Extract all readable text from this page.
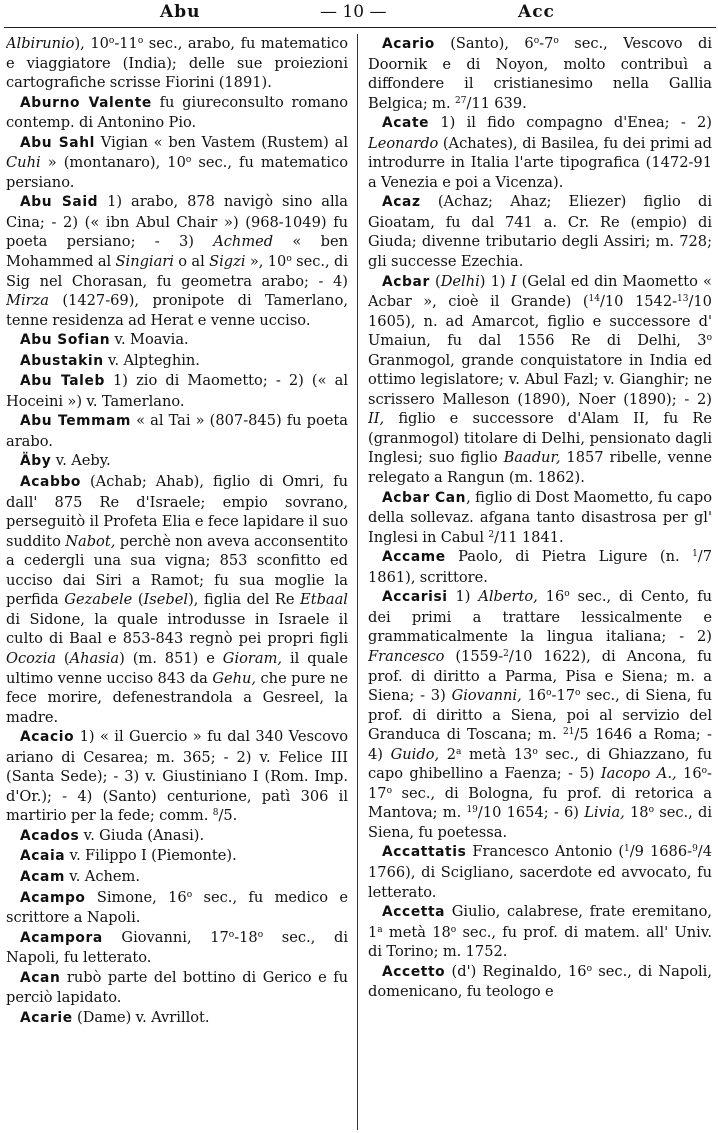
Abu	— 10 —	Acc

Albirunio), 10$^o$-11$^o$ sec., arabo, fu matematico e viaggiatore (India); delle sue proiezioni cartografiche scrisse Fiorini (1891).

Aburno Valente fu giureconsulto romano contemp. di Antonino Pio.

Abu Sahl Vigian « ben Vastem (Rustem) al Cuhi » (montanaro), 10$^o$ sec., fu matematico persiano.

Abu Said 1) arabo, 878 navigò sino alla Cina; - 2) (« ibn Abul Chair ») (968-1049) fu poeta persiano; - 3) Achmed « ben Mohammed al Singiari o al Sigzi », 10$^o$ sec., di Sig nel Chorasan, fu geometra arabo; - 4) Mirza (1427-69), pronipote di Tamerlano, tenne residenza ad Herat e venne ucciso.

Abu Sofian v. Moavia.

Abustakin v. Alpteghin.

Abu Taleb 1) zio di Maometto; - 2) (« al Hoceini ») v. Tamerlano.

Abu Temmam « al Tai » (807-845) fu poeta arabo.

Äby v. Aeby.

Acabbo (Achab; Ahab), figlio di Omri, fu dall' 875 Re d'Israele; empio sovrano, perseguitò il Profeta Elia e fece lapidare il suo suddito Nabot, perchè non aveva acconsentito a cedergli una sua vigna; 853 sconfitto ed ucciso dai Siri a Ramot; fu sua moglie la perfida Gezabele (Isebel), figlia del Re Etbaal di Sidone, la quale introdusse in Israele il culto di Baal e 853-843 regnò pei propri figli Ocozia (Ahasia) (m. 851) e Gioram, il quale ultimo venne ucciso 843 da Gehu, che pure ne fece morire, defenestrandola a Gesreel, la madre.

Acacio 1) « il Guercio » fu dal 340 Vescovo ariano di Cesarea; m. 365; - 2) v. Felice III (Santa Sede); - 3) v. Giustiniano I (Rom. Imp. d'Or.); - 4) (Santo) centurione, patì 306 il martirio per la fede; comm. $^8$/5.

Acados v. Giuda (Anasi).

Acaia v. Filippo I (Piemonte).

Acam v. Achem.

Acampo Simone, 16$^o$ sec., fu medico e scrittore a Napoli.

Acampora Giovanni, 17$^o$-18$^o$ sec., di Napoli, fu letterato.

Acan rubò parte del bottino di Gerico e fu perciò lapidato.

Acarie (Dame) v. Avrillot.

Acario (Santo), 6$^o$-7$^o$ sec., Vescovo di Doornik e di Noyon, molto contribuì a diffondere il cristianesimo nella Gallia Belgica; m. $^{27}$/11 639.

Acate 1) il fido compagno d'Enea; - 2) Leonardo (Achates), di Basilea, fu dei primi ad introdurre in Italia l'arte tipografica (1472-91 a Venezia e poi a Vicenza).

Acaz (Achaz; Ahaz; Eliezer) figlio di Gioatam, fu dal 741 a. Cr. Re (empio) di Giuda; divenne tributario degli Assiri; m. 728; gli successe Ezechia.

Acbar (Delhi) 1) I (Gelal ed din Maometto « Acbar », cioè il Grande) ($^{14}$/10 1542-$^{13}$/10 1605), n. ad Amarcot, figlio e successore d' Umaiun, fu dal 1556 Re di Delhi, 3$^o$ Granmogol, grande conquistatore in India ed ottimo legislatore; v. Abul Fazl; v. Gianghir; ne scrissero Malleson (1890), Noer (1890); - 2) II, figlio e successore d'Alam II, fu Re (granmogol) titolare di Delhi, pensionato dagli Inglesi; suo figlio Baadur, 1857 ribelle, venne relegato a Rangun (m. 1862).

Acbar Can, figlio di Dost Maometto, fu capo della sollevaz. afgana tanto disastrosa per gl' Inglesi in Cabul $^2$/11 1841.

Accame Paolo, di Pietra Ligure (n. $^1$/7 1861), scrittore.

Accarisi 1) Alberto, 16$^o$ sec., di Cento, fu dei primi a trattare lessicalmente e grammaticalmente la lingua italiana; - 2) Francesco (1559-$^2$/10 1622), di Ancona, fu prof. di diritto a Parma, Pisa e Siena; m. a Siena; - 3) Giovanni, 16$^o$-17$^o$ sec., di Siena, fu prof. di diritto a Siena, poi al servizio del Granduca di Toscana; m. $^{21}$/5 1646 a Roma; - 4) Guido, 2$^a$ metà 13$^o$ sec., di Ghiazzano, fu capo ghibellino a Faenza; - 5) Iacopo A., 16$^o$-17$^o$ sec., di Bologna, fu prof. di retorica a Mantova; m. $^{19}$/10 1654; - 6) Livia, 18$^o$ sec., di Siena, fu poetessa.

Accattatis Francesco Antonio ($^1$/9 1686-$^9$/4 1766), di Scigliano, sacerdote ed avvocato, fu letterato.

Accetta Giulio, calabrese, frate eremitano, 1$^a$ metà 18$^o$ sec., fu prof. di matem. all' Univ. di Torino; m. 1752.

Accetto (d') Reginaldo, 16$^o$ sec., di Napoli, domenicano, fu teologo e
